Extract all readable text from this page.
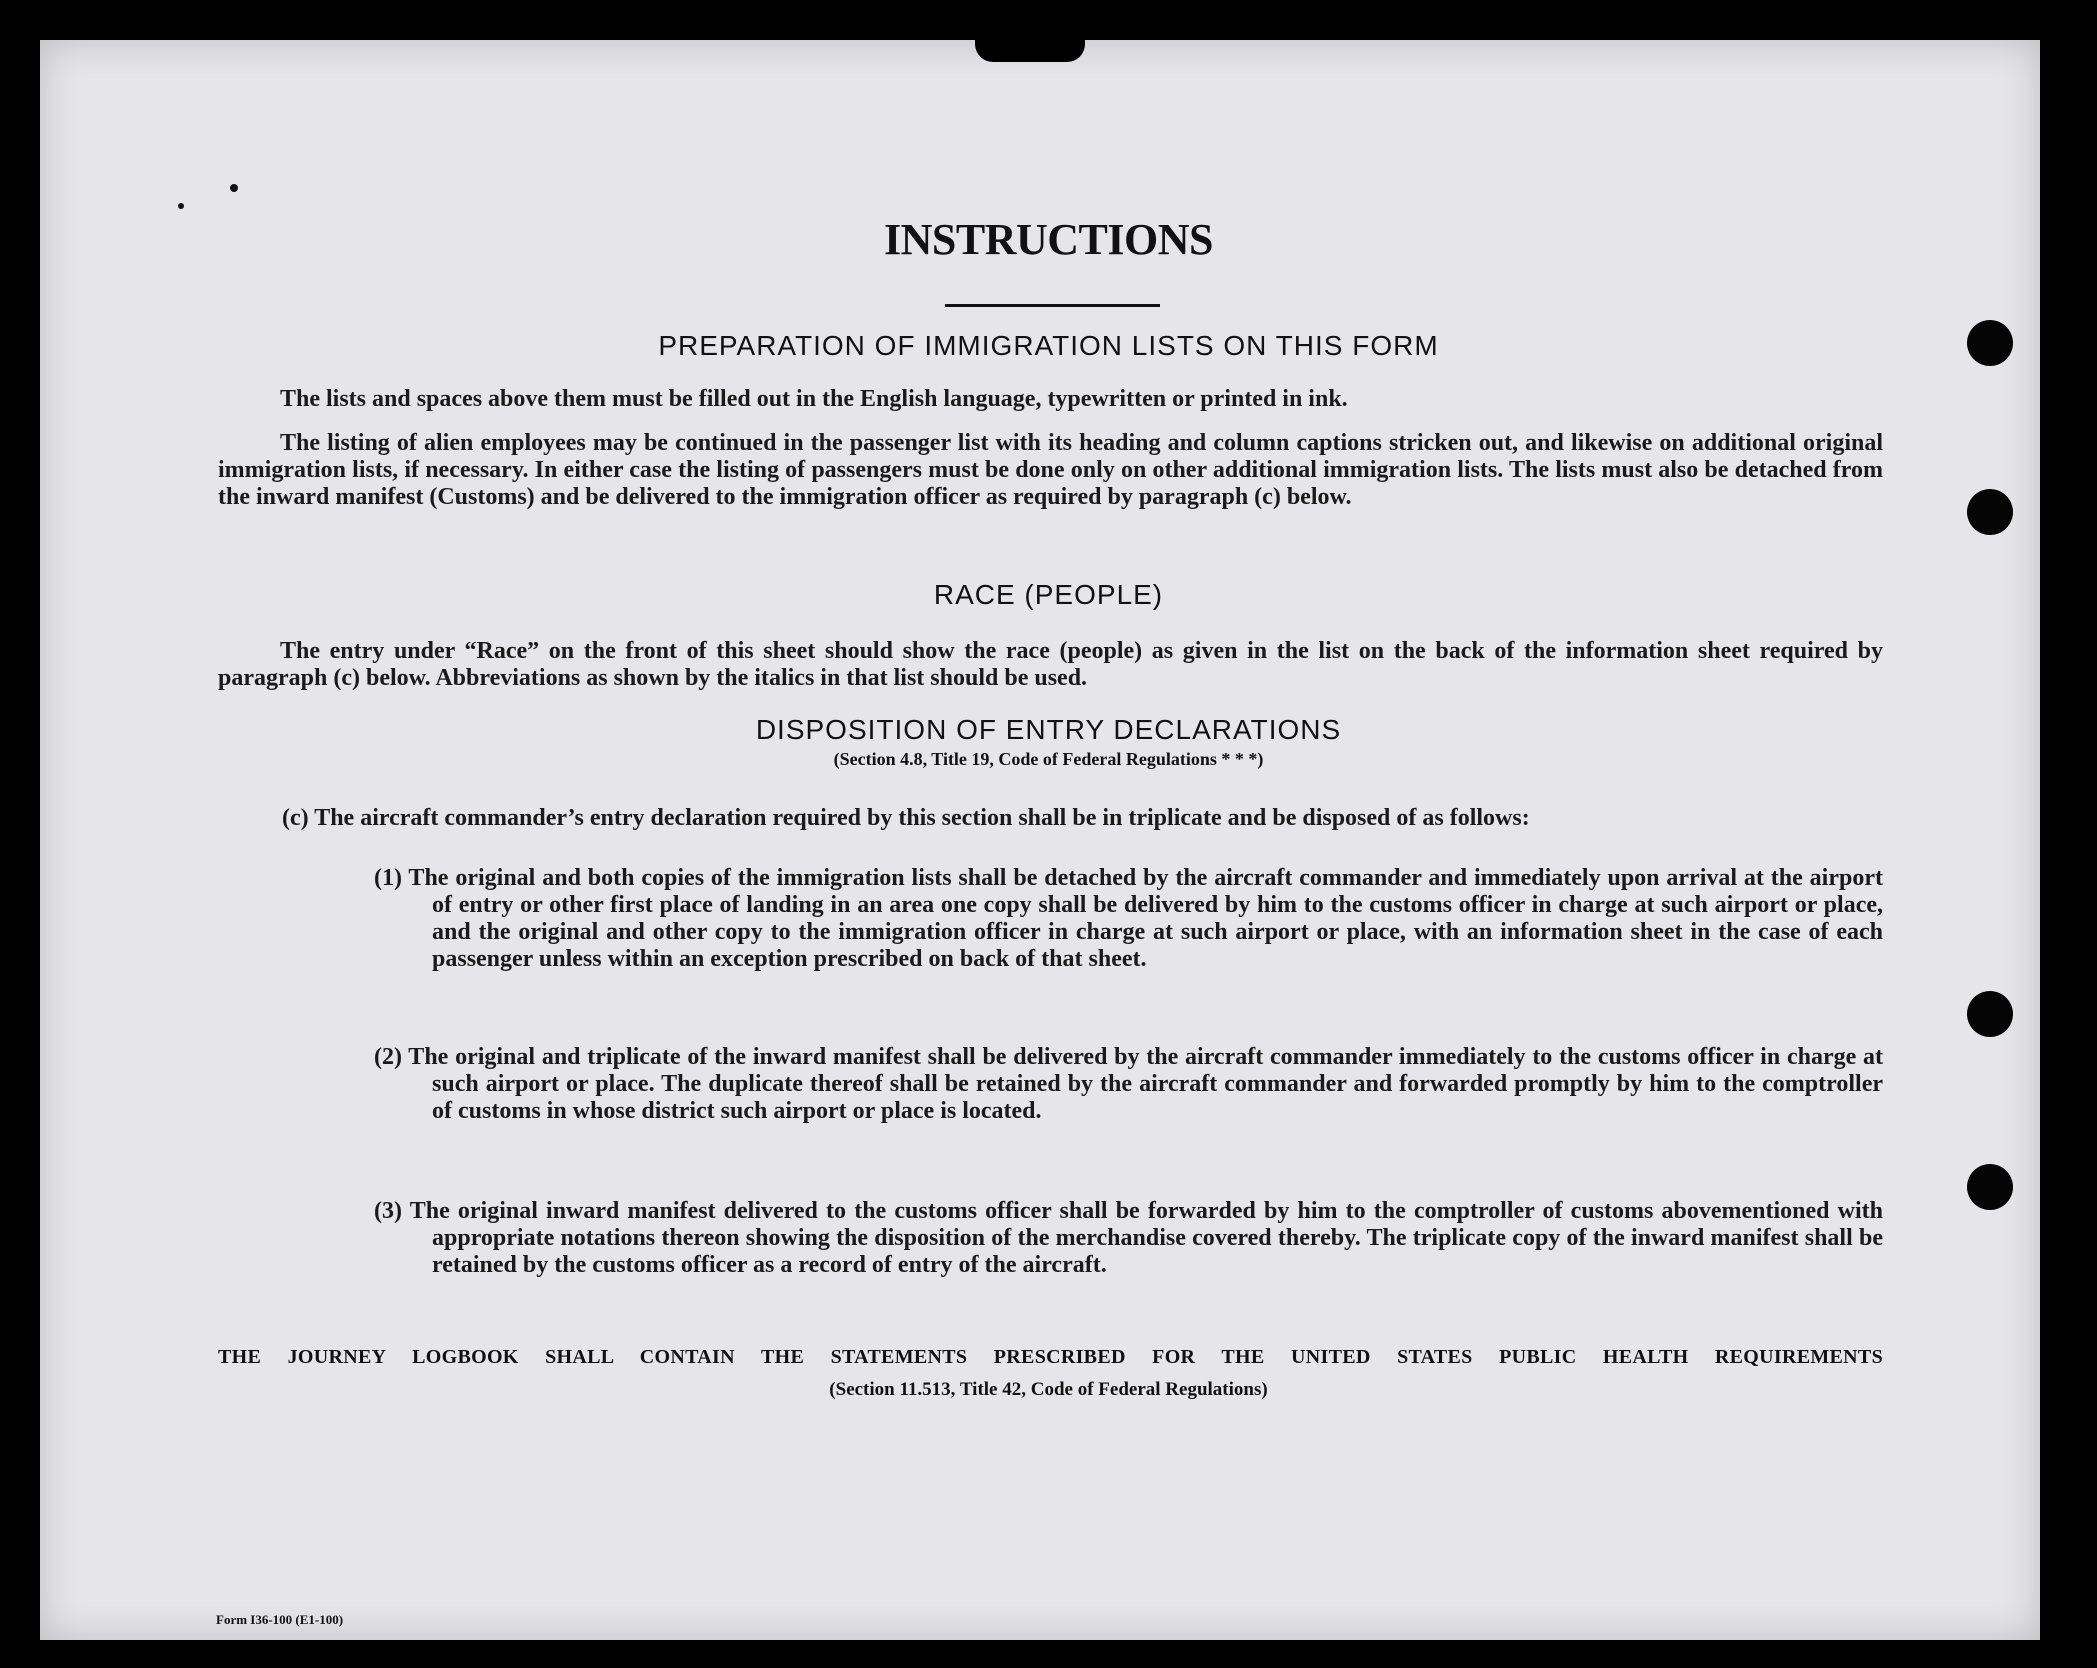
INSTRUCTIONS
PREPARATION OF IMMIGRATION LISTS ON THIS FORM
The lists and spaces above them must be filled out in the English language, typewritten or printed in ink.
The listing of alien employees may be continued in the passenger list with its heading and column captions stricken out, and likewise on additional original immigration lists, if necessary. In either case the listing of passengers must be done only on other additional immigration lists. The lists must also be detached from the inward manifest (Customs) and be delivered to the immigration officer as required by paragraph (c) below.
RACE (PEOPLE)
The entry under “Race” on the front of this sheet should show the race (people) as given in the list on the back of the information sheet required by paragraph (c) below. Abbreviations as shown by the italics in that list should be used.
DISPOSITION OF ENTRY DECLARATIONS
(Section 4.8, Title 19, Code of Federal Regulations * * *)
(c) The aircraft commander’s entry declaration required by this section shall be in triplicate and be disposed of as follows:
(1) The original and both copies of the immigration lists shall be detached by the aircraft commander and immediately upon arrival at the airport of entry or other first place of landing in an area one copy shall be delivered by him to the customs officer in charge at such airport or place, and the original and other copy to the immigration officer in charge at such airport or place, with an information sheet in the case of each passenger unless within an exception prescribed on back of that sheet.
(2) The original and triplicate of the inward manifest shall be delivered by the aircraft commander immediately to the customs officer in charge at such airport or place. The duplicate thereof shall be retained by the aircraft commander and forwarded promptly by him to the comptroller of customs in whose district such airport or place is located.
(3) The original inward manifest delivered to the customs officer shall be forwarded by him to the comptroller of customs abovementioned with appropriate notations thereon showing the disposition of the merchandise covered thereby. The triplicate copy of the inward manifest shall be retained by the customs officer as a record of entry of the aircraft.
THE JOURNEY LOGBOOK SHALL CONTAIN THE STATEMENTS PRESCRIBED FOR THE UNITED STATES PUBLIC HEALTH REQUIREMENTS
(Section 11.513, Title 42, Code of Federal Regulations)
Form I36-100 (E1-100)
